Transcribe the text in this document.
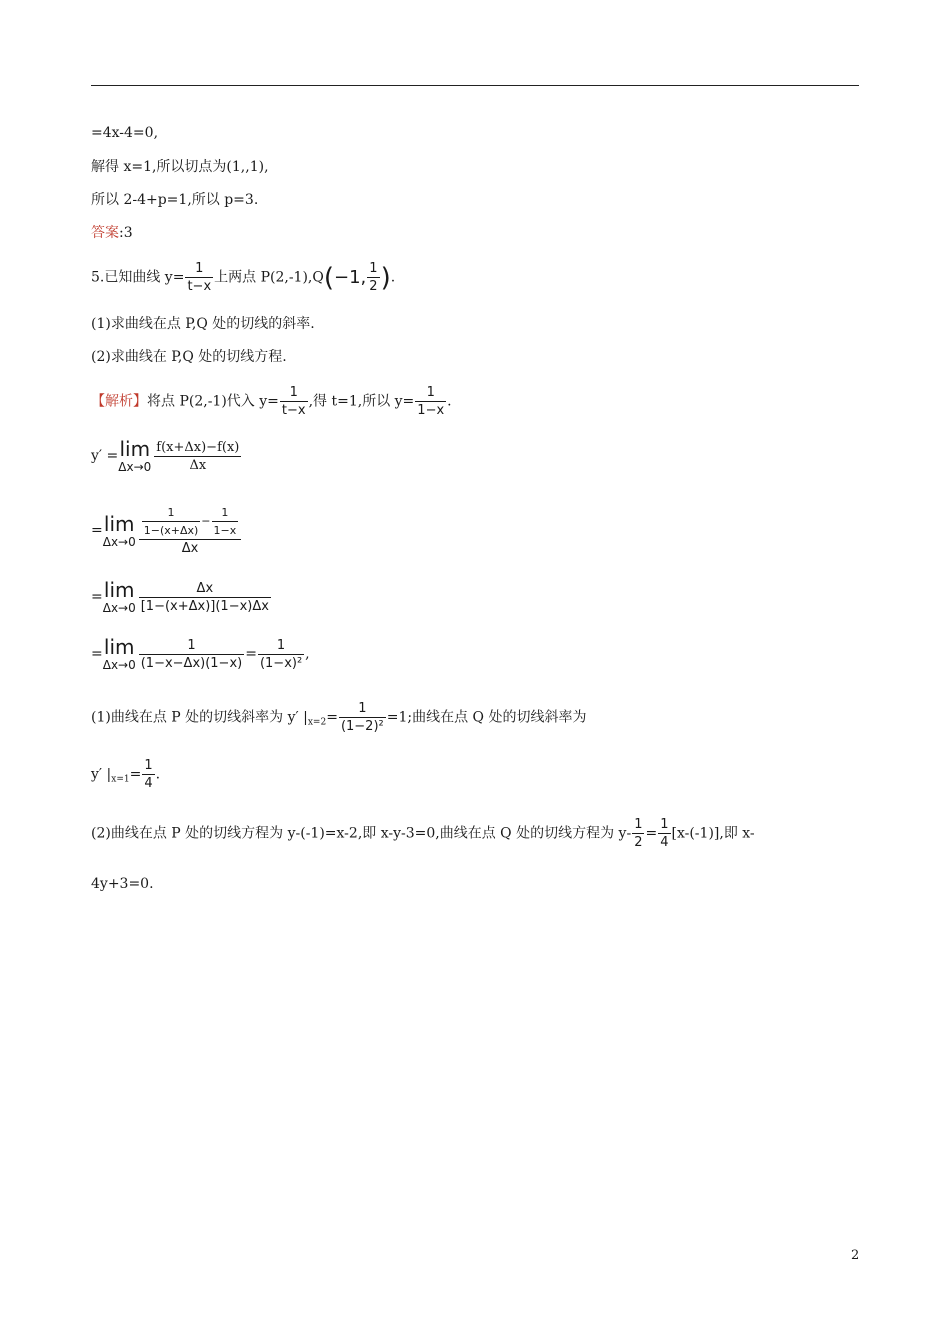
=4x-4=0,
解得 x=1,所以切点为(1,,1),
所以 2-4+p=1,所以 p=3.
答案:3
5.已知曲线 $y= \frac{1}{t-x}$ 上两点 P(2,-1),Q(−1, $\frac{1}{2}$ ).
(1)求曲线在点 P,Q 处的切线的斜率.
(2)求曲线在 P,Q 处的切线方程.
【解析】将点 P(2,-1)代入 $y= \frac{1}{t-x}$ ,得 t=1,所以 $y= \frac{1}{1-x}$ .
y′ = lim
$\Delta x\to 0 \frac{f(x+\Delta x)-f(x)}{\Delta x}$
= lim
$\Delta x\to 0 \frac{\frac{1}{1-(x+\Delta x)} - \frac{1}{1-x}}{\Delta x}$
= lim
$\Delta x\to 0 \frac{\Delta x}{[1-(x+\Delta x)](1-x)\Delta x}$
= lim
$\Delta x\to 0 \frac{1}{(1-x-\Delta x)(1-x)} = \frac{1}{\text{(1−x)²}}$ ,
(1)曲线在点 P 处的切线斜率为 y′ $|_{x=2}= \frac{1}{\text{(1−2)²}} =1$;曲线在点 Q 处的切线斜率为
y′ $|_{x=1}= \frac{1}{4}$ .
(2)曲线在点 P 处的切线方程为 y-(-1)=x-2,即 x-y-3=0,曲线在点 Q 处的切线方程为 $y- \frac{1}{2} = \frac{1}{4} [x-(-1)]$,即 x-
4y+3=0.
2
